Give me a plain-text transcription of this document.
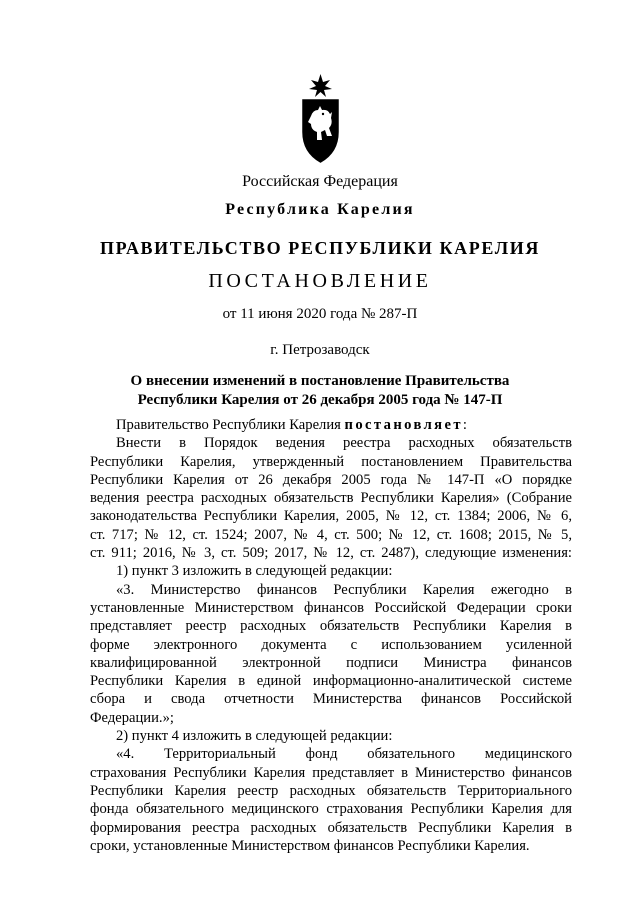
Российская Федерация
Республика Карелия
ПРАВИТЕЛЬСТВО РЕСПУБЛИКИ КАРЕЛИЯ
ПОСТАНОВЛЕНИЕ
от 11 июня 2020 года № 287-П
г. Петрозаводск
О внесении изменений в постановление Правительства
Республики Карелия от 26 декабря 2005 года № 147-П

Правительство Республики Карелия постановляет:

Внести в Порядок ведения реестра расходных обязательств

Республики Карелия, утвержденный постановлением Правительства

Республики Карелия от 26 декабря 2005 года № 147-П «О порядке

ведения реестра расходных обязательств Республики Карелия» (Собрание

законодательства Республики Карелия, 2005, № 12, ст. 1384; 2006, № 6,

ст. 717; № 12, ст. 1524; 2007, № 4, ст. 500; № 12, ст. 1608; 2015, № 5,

ст. 911; 2016, № 3, ст. 509; 2017, № 12, ст. 2487), следующие изменения:

1) пункт 3 изложить в следующей редакции:

«3. Министерство финансов Республики Карелия ежегодно в

установленные Министерством финансов Российской Федерации сроки

представляет реестр расходных обязательств Республики Карелия в

форме электронного документа с использованием усиленной

квалифицированной электронной подписи Министра финансов

Республики Карелия в единой информационно-аналитической системе

сбора и свода отчетности Министерства финансов Российской

Федерации.»;

2) пункт 4 изложить в следующей редакции:

«4. Территориальный фонд обязательного медицинского

страхования Республики Карелия представляет в Министерство финансов

Республики Карелия реестр расходных обязательств Территориального

фонда обязательного медицинского страхования Республики Карелия для

формирования реестра расходных обязательств Республики Карелия в

сроки, установленные Министерством финансов Республики Карелия.
